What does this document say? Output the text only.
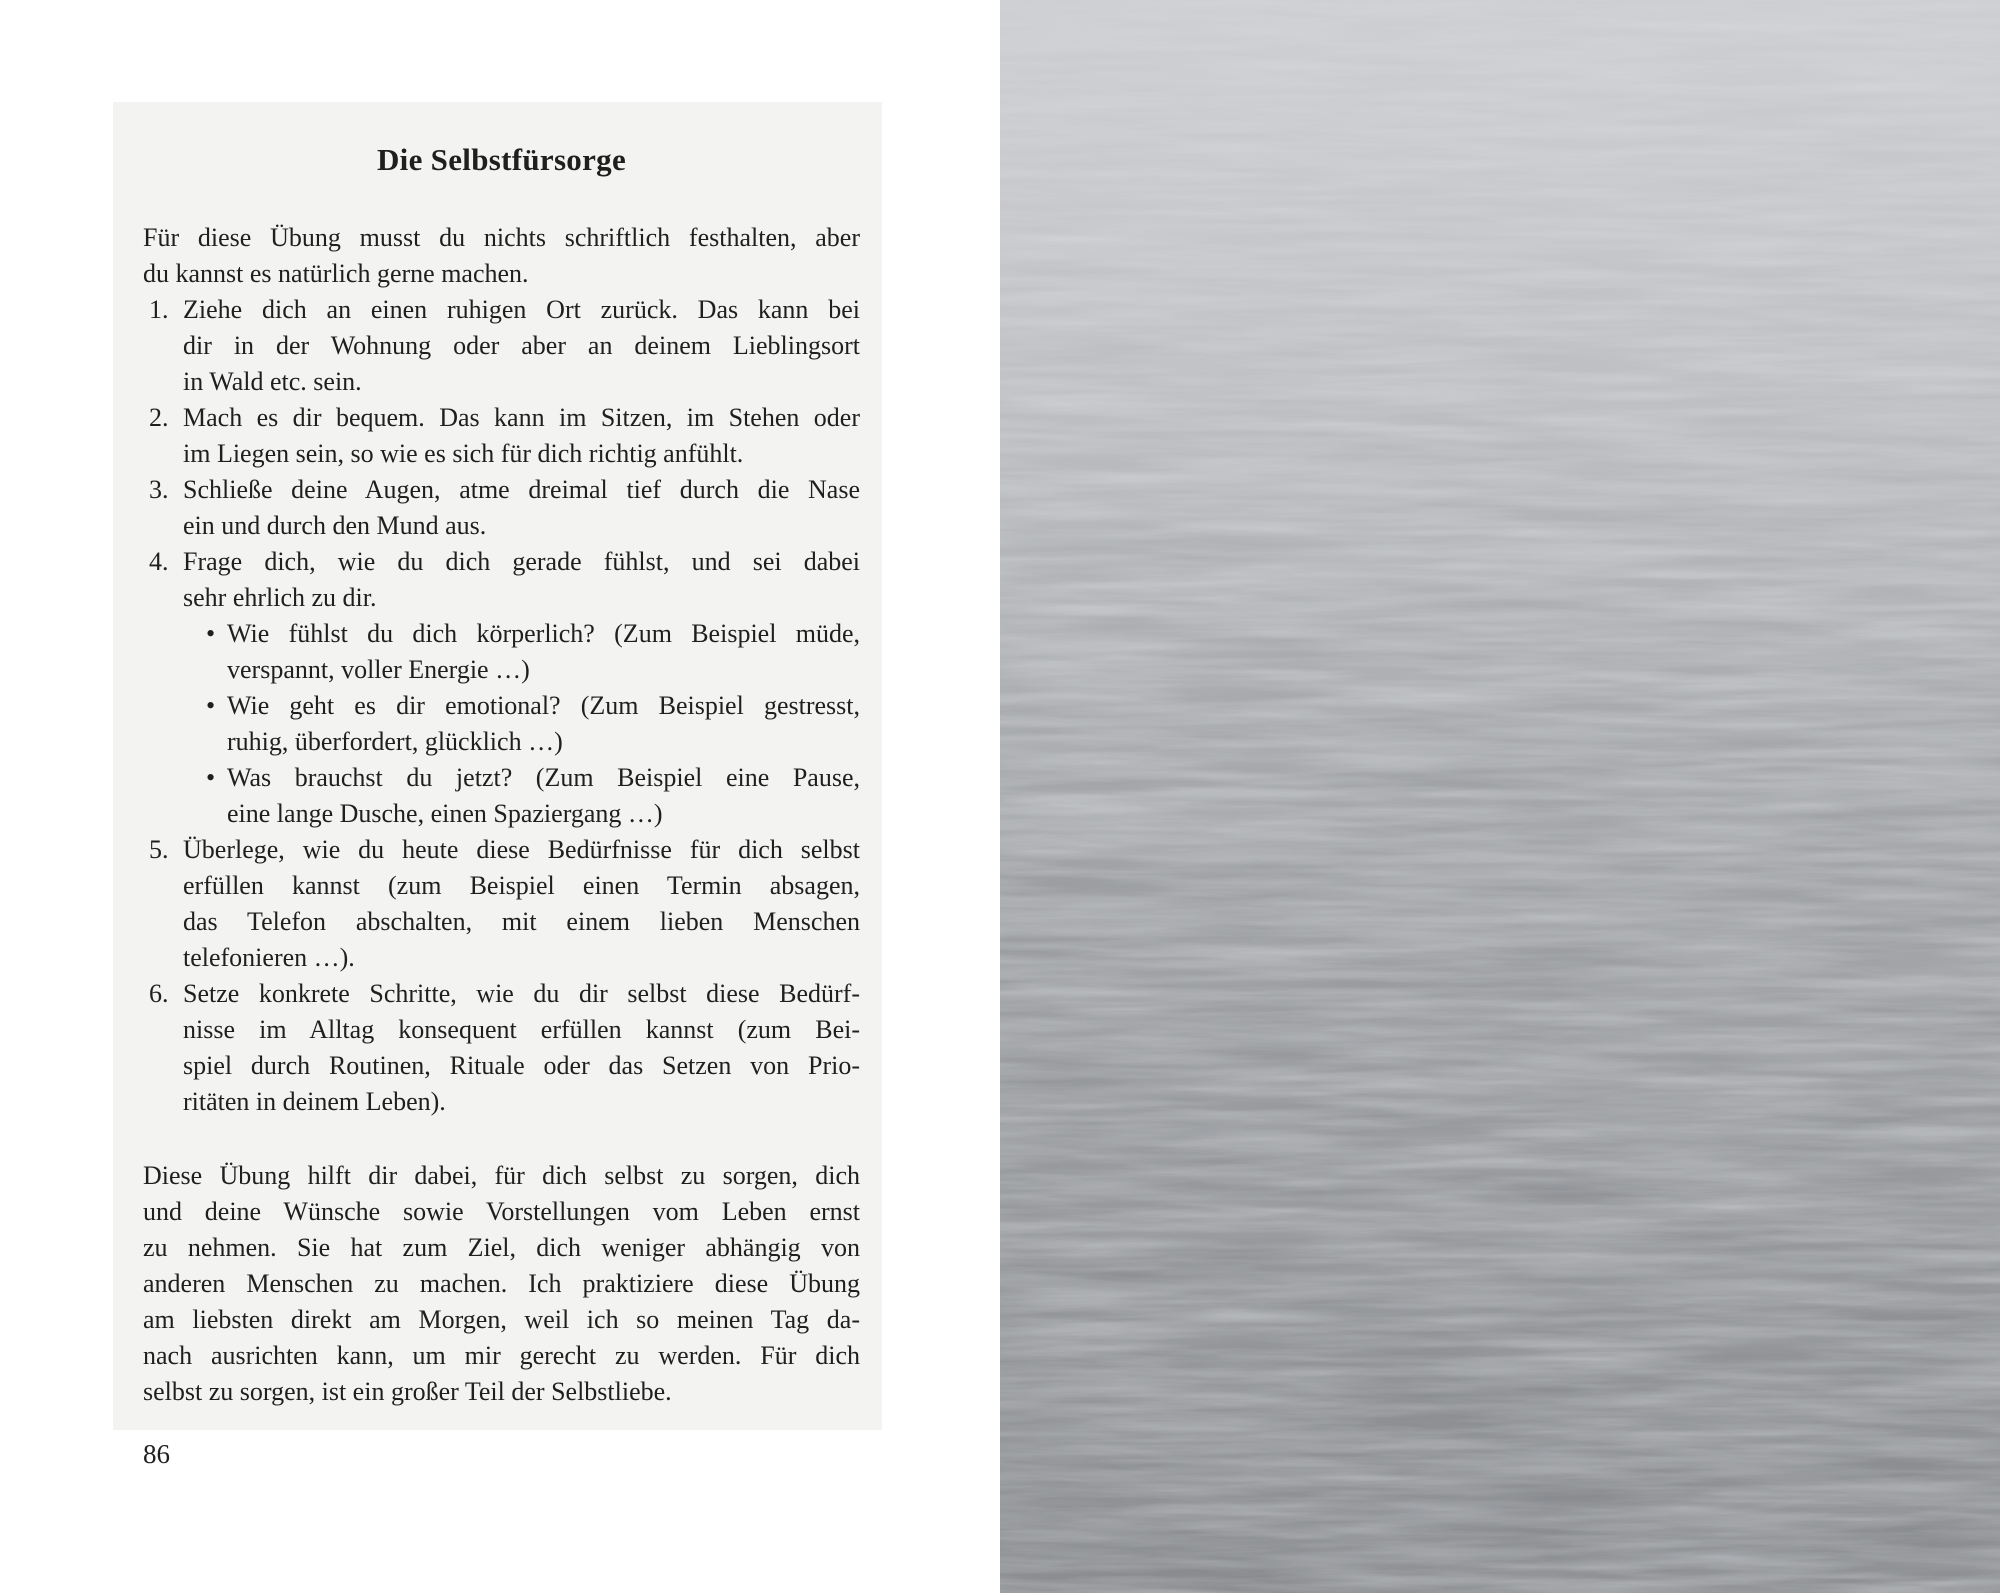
Die Selbstfürsorge
Für diese Übung musst du nichts schriftlich festhalten, aber
du kannst es natürlich gerne machen.
1. Ziehe dich an einen ruhigen Ort zurück. Das kann bei
dir in der Wohnung oder aber an deinem Lieblingsort
in Wald etc. sein.
2. Mach es dir bequem. Das kann im Sitzen, im Stehen oder
im Liegen sein, so wie es sich für dich richtig anfühlt.
3. Schließe deine Augen, atme dreimal tief durch die Nase
ein und durch den Mund aus.
4. Frage dich, wie du dich gerade fühlst, und sei dabei
sehr ehrlich zu dir.
• Wie fühlst du dich körperlich? (Zum Beispiel müde,
verspannt, voller Energie …)
• Wie geht es dir emotional? (Zum Beispiel gestresst,
ruhig, überfordert, glücklich …)
• Was brauchst du jetzt? (Zum Beispiel eine Pause,
eine lange Dusche, einen Spaziergang …)
5. Überlege, wie du heute diese Bedürfnisse für dich selbst
erfüllen kannst (zum Beispiel einen Termin absagen,
das Telefon abschalten, mit einem lieben Menschen
telefonieren …).
6. Setze konkrete Schritte, wie du dir selbst diese Bedürf-
nisse im Alltag konsequent erfüllen kannst (zum Bei-
spiel durch Routinen, Rituale oder das Setzen von Prio-
ritäten in deinem Leben).
Diese Übung hilft dir dabei, für dich selbst zu sorgen, dich
und deine Wünsche sowie Vorstellungen vom Leben ernst
zu nehmen. Sie hat zum Ziel, dich weniger abhängig von
anderen Menschen zu machen. Ich praktiziere diese Übung
am liebsten direkt am Morgen, weil ich so meinen Tag da-
nach ausrichten kann, um mir gerecht zu werden. Für dich
selbst zu sorgen, ist ein großer Teil der Selbstliebe.
86
